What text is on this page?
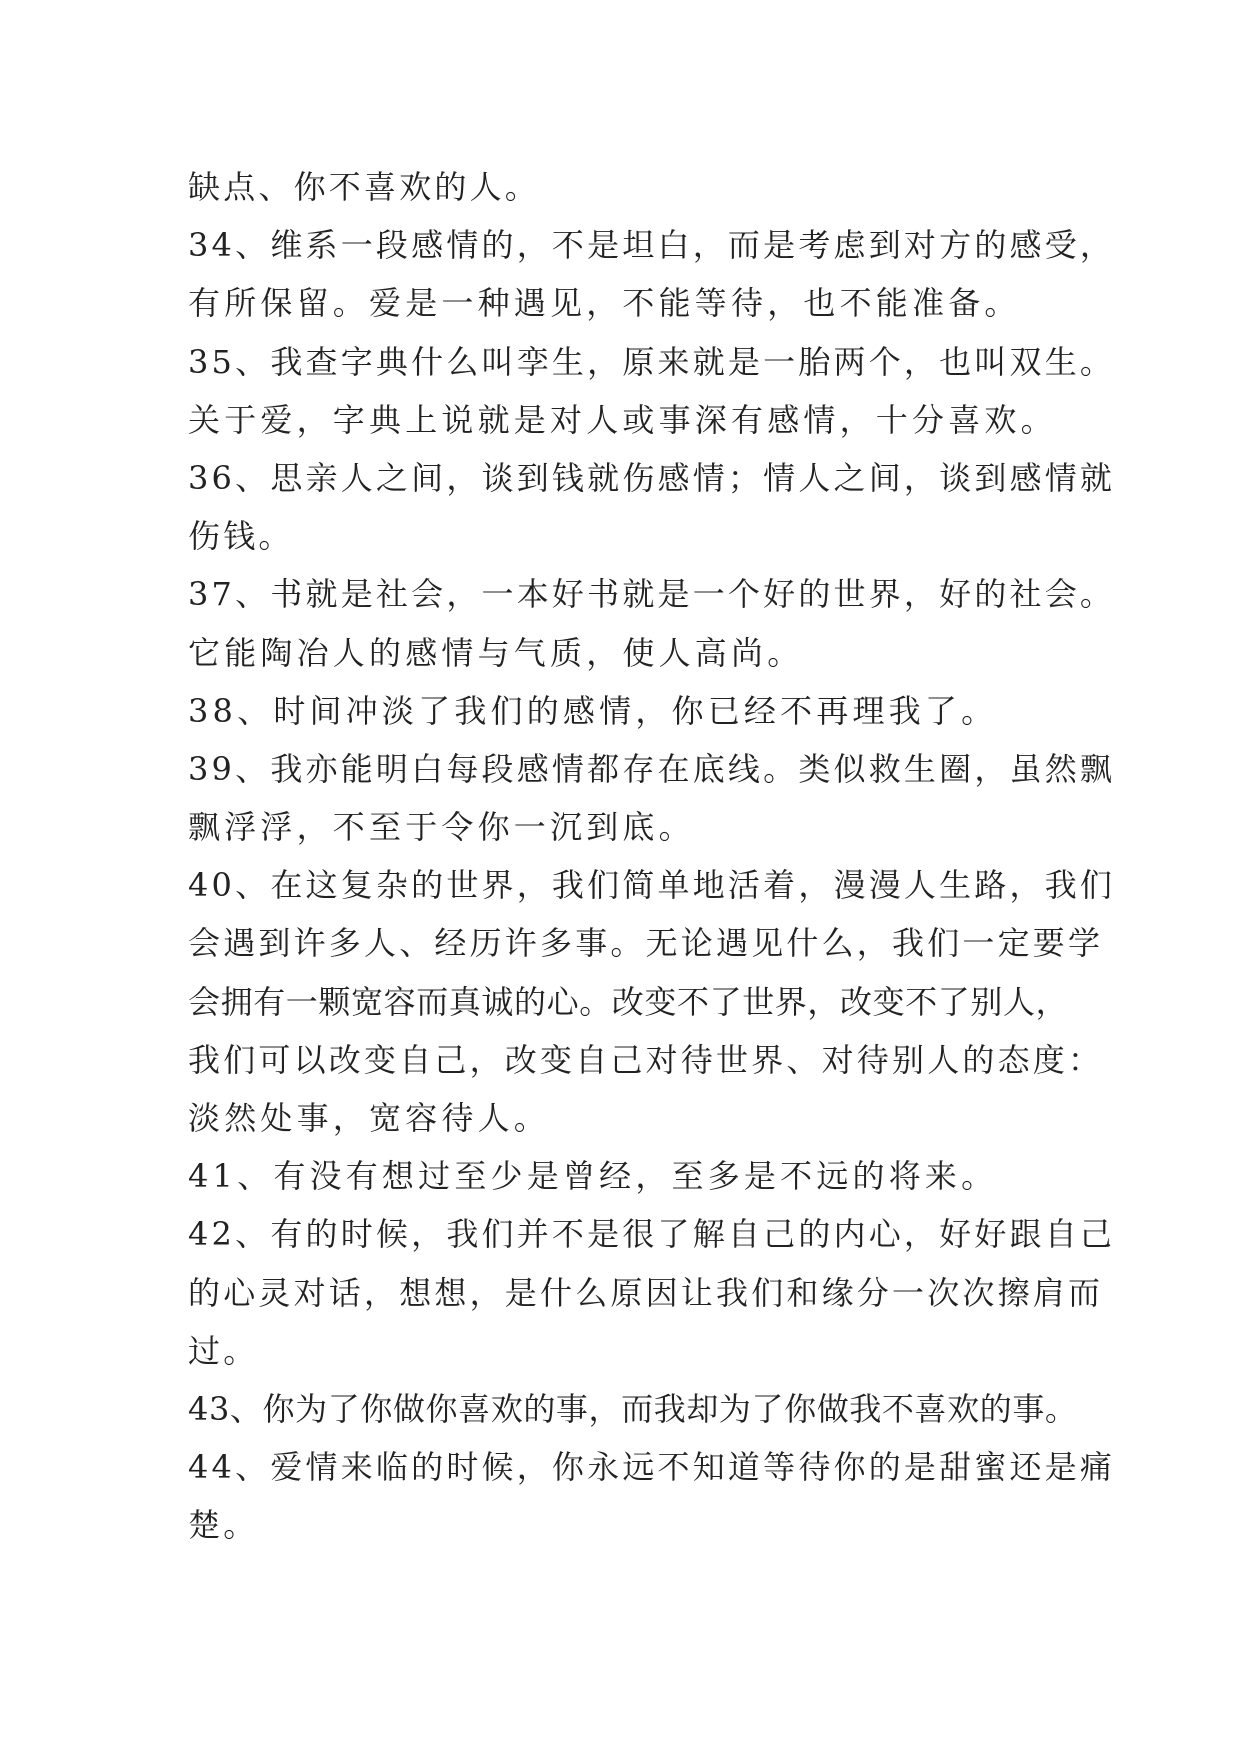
缺点、你不喜欢的人。
34、维系一段感情的，不是坦白，而是考虑到对方的感受，
有所保留。爱是一种遇见，不能等待，也不能准备。
35、我查字典什么叫孪生，原来就是一胎两个，也叫双生。
关于爱，字典上说就是对人或事深有感情，十分喜欢。
36、思亲人之间，谈到钱就伤感情；情人之间，谈到感情就
伤钱。
37、书就是社会，一本好书就是一个好的世界，好的社会。
它能陶冶人的感情与气质，使人高尚。
38、时间冲淡了我们的感情，你已经不再理我了。
39、我亦能明白每段感情都存在底线。类似救生圈，虽然飘
飘浮浮，不至于令你一沉到底。
40、在这复杂的世界，我们简单地活着，漫漫人生路，我们
会遇到许多人、经历许多事。无论遇见什么，我们一定要学
会拥有一颗宽容而真诚的心。改变不了世界，改变不了别人，
我们可以改变自己，改变自己对待世界、对待别人的态度：
淡然处事，宽容待人。
41、有没有想过至少是曾经，至多是不远的将来。
42、有的时候，我们并不是很了解自己的内心，好好跟自己
的心灵对话，想想，是什么原因让我们和缘分一次次擦肩而
过。
43、你为了你做你喜欢的事，而我却为了你做我不喜欢的事。
44、爱情来临的时候，你永远不知道等待你的是甜蜜还是痛
楚。
